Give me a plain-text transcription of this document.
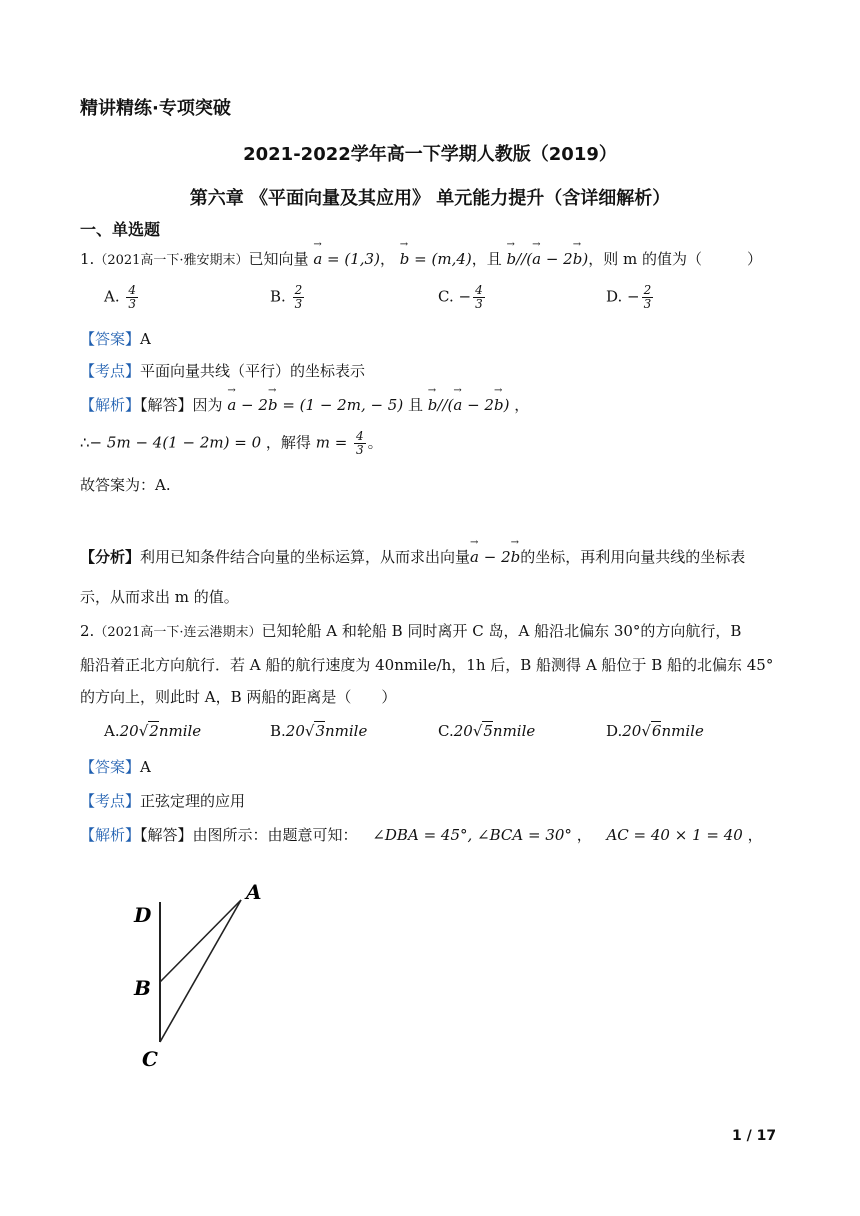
精讲精练·专项突破
2021-2022学年高一下学期人教版（2019）
第六章 《平面向量及其应用》 单元能力提升（含详细解析）
一、单选题
1.（2021高一下·雅安期末）已知向量 → a = (1,3)， → b = (m,4)，且 → b//(→ a − 2→ b)，则 m 的值为（　　　）
A. $\frac{4}{3}$	B. $\frac{2}{3}$	C. − $\frac{4}{3}$	D. − $\frac{2}{3}$
【答案】A
【考点】平面向量共线（平行）的坐标表示
【解析】【解答】因为 → a − 2→ b = (1 − 2m, − 5) 且 → b//(→ a − 2→ b) ，
∴− 5m − 4(1 − 2m) = 0 ，解得 $m = \frac{4}{3}$ 。
故答案为：A.
【分析】利用已知条件结合向量的坐标运算，从而求出向量→ a − 2→ b的坐标，再利用向量共线的坐标表
示，从而求出 m 的值。
2.（2021高一下·连云港期末）已知轮船 A 和轮船 B 同时离开 C 岛，A 船沿北偏东 30°的方向航行，B
船沿着正北方向航行．若 A 船的航行速度为 40nmile/h，1h 后，B 船测得 A 船位于 B 船的北偏东 45°
的方向上，则此时 A，B 两船的距离是（　　）
A.20√2nmile	B.20√3nmile	C.20√5nmile	D.20√6nmile
【答案】A
【考点】正弦定理的应用
【解析】【解答】由图所示：由题意可知： ∠DBA = 45°, ∠BCA = 30° ， AC = 40 × 1 = 40 ，
D
A
B
C
1 / 17
